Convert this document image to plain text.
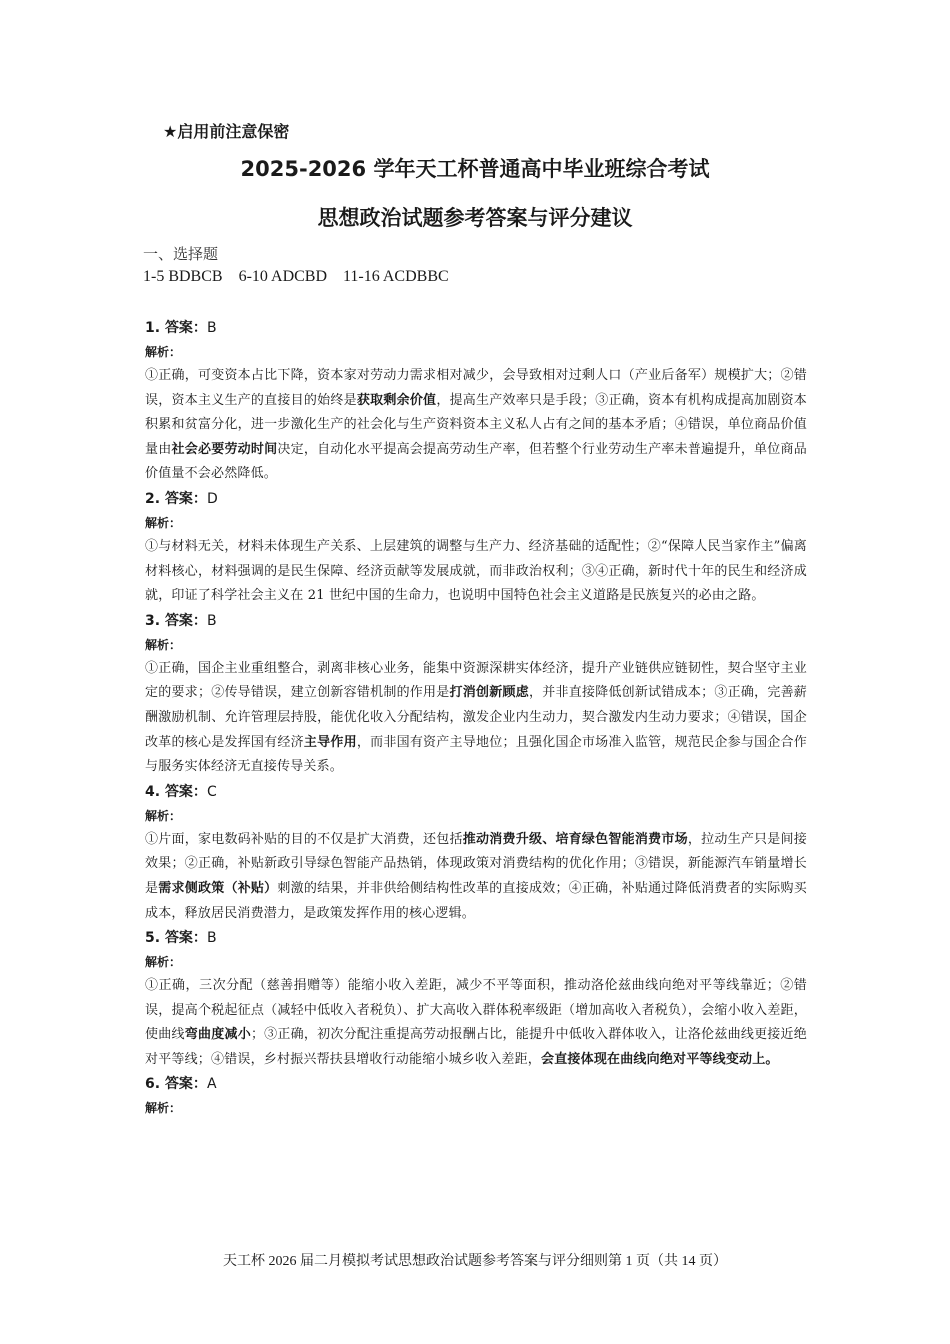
★启用前注意保密
2025-2026 学年天工杯普通高中毕业班综合考试
思想政治试题参考答案与评分建议
一、选择题
1-5 BDBCB    6-10 ADCBD    11-16 ACDBBC
1. 答案：B
解析：
①正确，可变资本占比下降，资本家对劳动力需求相对减少，会导致相对过剩人口（产业后备军）规模扩大；②错误，资本主义生产的直接目的始终是获取剩余价值，提高生产效率只是手段；③正确，资本有机构成提高加剧资本积累和贫富分化，进一步激化生产的社会化与生产资料资本主义私人占有之间的基本矛盾；④错误，单位商品价值量由社会必要劳动时间决定，自动化水平提高会提高劳动生产率，但若整个行业劳动生产率未普遍提升，单位商品价值量不会必然降低。
2. 答案：D
解析：
①与材料无关，材料未体现生产关系、上层建筑的调整与生产力、经济基础的适配性；②“保障人民当家作主”偏离材料核心，材料强调的是民生保障、经济贡献等发展成就，而非政治权利；③④正确，新时代十年的民生和经济成就，印证了科学社会主义在 21 世纪中国的生命力，也说明中国特色社会主义道路是民族复兴的必由之路。
3. 答案：B
解析：
①正确，国企主业重组整合，剥离非核心业务，能集中资源深耕实体经济，提升产业链供应链韧性，契合坚守主业定的要求；②传导错误，建立创新容错机制的作用是打消创新顾虑，并非直接降低创新试错成本；③正确，完善薪酬激励机制、允许管理层持股，能优化收入分配结构，激发企业内生动力，契合激发内生动力要求；④错误，国企改革的核心是发挥国有经济主导作用，而非国有资产主导地位；且强化国企市场准入监管，规范民企参与国企合作与服务实体经济无直接传导关系。
4. 答案：C
解析：
①片面，家电数码补贴的目的不仅是扩大消费，还包括推动消费升级、培育绿色智能消费市场，拉动生产只是间接效果；②正确，补贴新政引导绿色智能产品热销，体现政策对消费结构的优化作用；③错误，新能源汽车销量增长是需求侧政策（补贴）刺激的结果，并非供给侧结构性改革的直接成效；④正确，补贴通过降低消费者的实际购买成本，释放居民消费潜力，是政策发挥作用的核心逻辑。
5. 答案：B
解析：
①正确，三次分配（慈善捐赠等）能缩小收入差距，减少不平等面积，推动洛伦兹曲线向绝对平等线靠近；②错误，提高个税起征点（减轻中低收入者税负）、扩大高收入群体税率级距（增加高收入者税负），会缩小收入差距，使曲线弯曲度减小；③正确，初次分配注重提高劳动报酬占比，能提升中低收入群体收入，让洛伦兹曲线更接近绝对平等线；④错误，乡村振兴帮扶县增收行动能缩小城乡收入差距，会直接体现在曲线向绝对平等线变动上。
6. 答案：A
解析：
天工杯 2026 届二月模拟考试思想政治试题参考答案与评分细则第 1 页（共 14 页）
